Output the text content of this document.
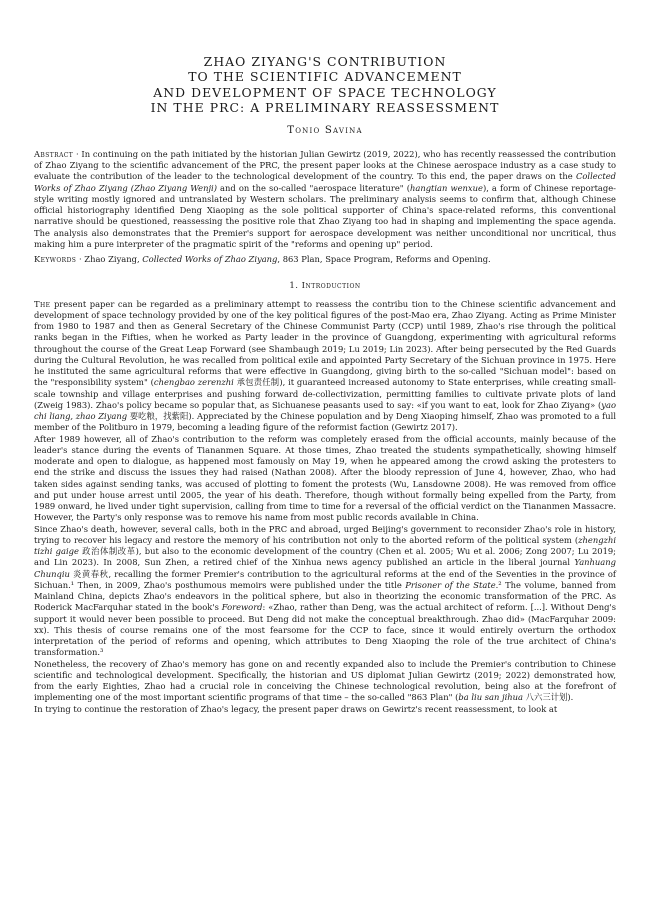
ZHAO ZIYANG'S CONTRIBUTION
TO THE SCIENTIFIC ADVANCEMENT
AND DEVELOPMENT OF SPACE TECHNOLOGY
IN THE PRC: A PRELIMINARY REASSESSMENT
Tonio Savina
Abstract · In continuing on the path initiated by the historian Julian Gewirtz (2019, 2022), who has recently reassessed the contribution of Zhao Ziyang to the scientific advancement of the PRC, the present paper looks at the Chinese aerospace industry as a case study to evaluate the contribution of the leader to the technological development of the country. To this end, the paper draws on the Collected Works of Zhao Ziyang (Zhao Ziyang Wenji) and on the so-called "aerospace literature" (hangtian wenxue), a form of Chinese reportage-style writing mostly ignored and untranslated by Western scholars. The preliminary analysis seems to confirm that, although Chinese official historiography identified Deng Xiaoping as the sole political supporter of China's space-related reforms, this conventional narrative should be questioned, reassessing the positive role that Zhao Ziyang too had in shaping and implementing the space agenda. The analysis also demonstrates that the Premier's support for aerospace development was neither unconditional nor uncritical, thus making him a pure interpreter of the pragmatic spirit of the "reforms and opening up" period.
Keywords · Zhao Ziyang, Collected Works of Zhao Ziyang, 863 Plan, Space Program, Reforms and Opening.
1. Introduction

The present paper can be regarded as a preliminary attempt to reassess the contribu tion to the Chinese scientific advancement and development of space technology provided by one of the key political figures of the post-Mao era, Zhao Ziyang. Acting as Prime Minister from 1980 to 1987 and then as General Secretary of the Chinese Communist Party (CCP) until 1989, Zhao's rise through the political ranks began in the Fifties, when he worked as Party leader in the province of Guangdong, experimenting with agricultural reforms throughout the course of the Great Leap Forward (see Shambaugh 2019; Lu 2019; Lin 2023). After being persecuted by the Red Guards during the Cultural Revolution, he was recalled from political exile and appointed Party Secretary of the Sichuan province in 1975. Here he instituted the same agricultural reforms that were effective in Guangdong, giving birth to the so-called "Sichuan model": based on the "responsibility system" (chengbao zerenzhi 承包责任制), it guaranteed increased autonomy to State enterprises, while creating small-scale township and village enterprises and pushing forward de-collectivization, permitting families to cultivate private plots of land (Zweig 1983). Zhao's policy became so popular that, as Sichuanese peasants used to say: «if you want to eat, look for Zhao Ziyang» (yao chi liang, zhao Ziyang 要吃粮，找紫阳). Appreciated by the Chinese population and by Deng Xiaoping himself, Zhao was promoted to a full member of the Politburo in 1979, becoming a leading figure of the reformist faction (Gewirtz 2017).

After 1989 however, all of Zhao's contribution to the reform was completely erased from the official accounts, mainly because of the leader's stance during the events of Tiananmen Square. At those times, Zhao treated the students sympathetically, showing himself moderate and open to dialogue, as happened most famously on May 19, when he appeared among the crowd asking the protesters to end the strike and discuss the issues they had raised (Nathan 2008). After the bloody repression of June 4, however, Zhao, who had taken sides against sending tanks, was accused of plotting to foment the protests (Wu, Lansdowne 2008). He was removed from office and put under house arrest until 2005, the year of his death. Therefore, though without formally being expelled from the Party, from 1989 onward, he lived under tight supervision, calling from time to time for a reversal of the official verdict on the Tiananmen Massacre. However, the Party's only response was to remove his name from most public records available in China.

Since Zhao's death, however, several calls, both in the PRC and abroad, urged Beijing's government to reconsider Zhao's role in history, trying to recover his legacy and restore the memory of his contribution not only to the aborted reform of the political system (zhengzhi tizhi gaige 政治体制改革), but also to the economic development of the country (Chen et al. 2005; Wu et al. 2006; Zong 2007; Lu 2019; and Lin 2023). In 2008, Sun Zhen, a retired chief of the Xinhua news agency published an article in the liberal journal Yanhuang Chunqiu 炎黄春秋, recalling the former Premier's contribution to the agricultural reforms at the end of the Seventies in the province of Sichuan.¹ Then, in 2009, Zhao's posthumous memoirs were published under the title Prisoner of the State.² The volume, banned from Mainland China, depicts Zhao's endeavors in the political sphere, but also in theorizing the economic transformation of the PRC. As Roderick MacFarquhar stated in the book's Foreword: «Zhao, rather than Deng, was the actual architect of reform. [...]. Without Deng's support it would never been possible to proceed. But Deng did not make the conceptual breakthrough. Zhao did» (MacFarquhar 2009: xx). This thesis of course remains one of the most fearsome for the CCP to face, since it would entirely overturn the orthodox interpretation of the period of reforms and opening, which attributes to Deng Xiaoping the role of the true architect of China's transformation.³

Nonetheless, the recovery of Zhao's memory has gone on and recently expanded also to include the Premier's contribution to Chinese scientific and technological development. Specifically, the historian and US diplomat Julian Gewirtz (2019; 2022) demonstrated how, from the early Eighties, Zhao had a crucial role in conceiving the Chinese technological revolution, being also at the forefront of implementing one of the most important scientific programs of that time – the so-called "863 Plan" (ba liu san jihua 八六三计划).

In trying to continue the restoration of Zhao's legacy, the present paper draws on Gewirtz's recent reassessment, to look at
